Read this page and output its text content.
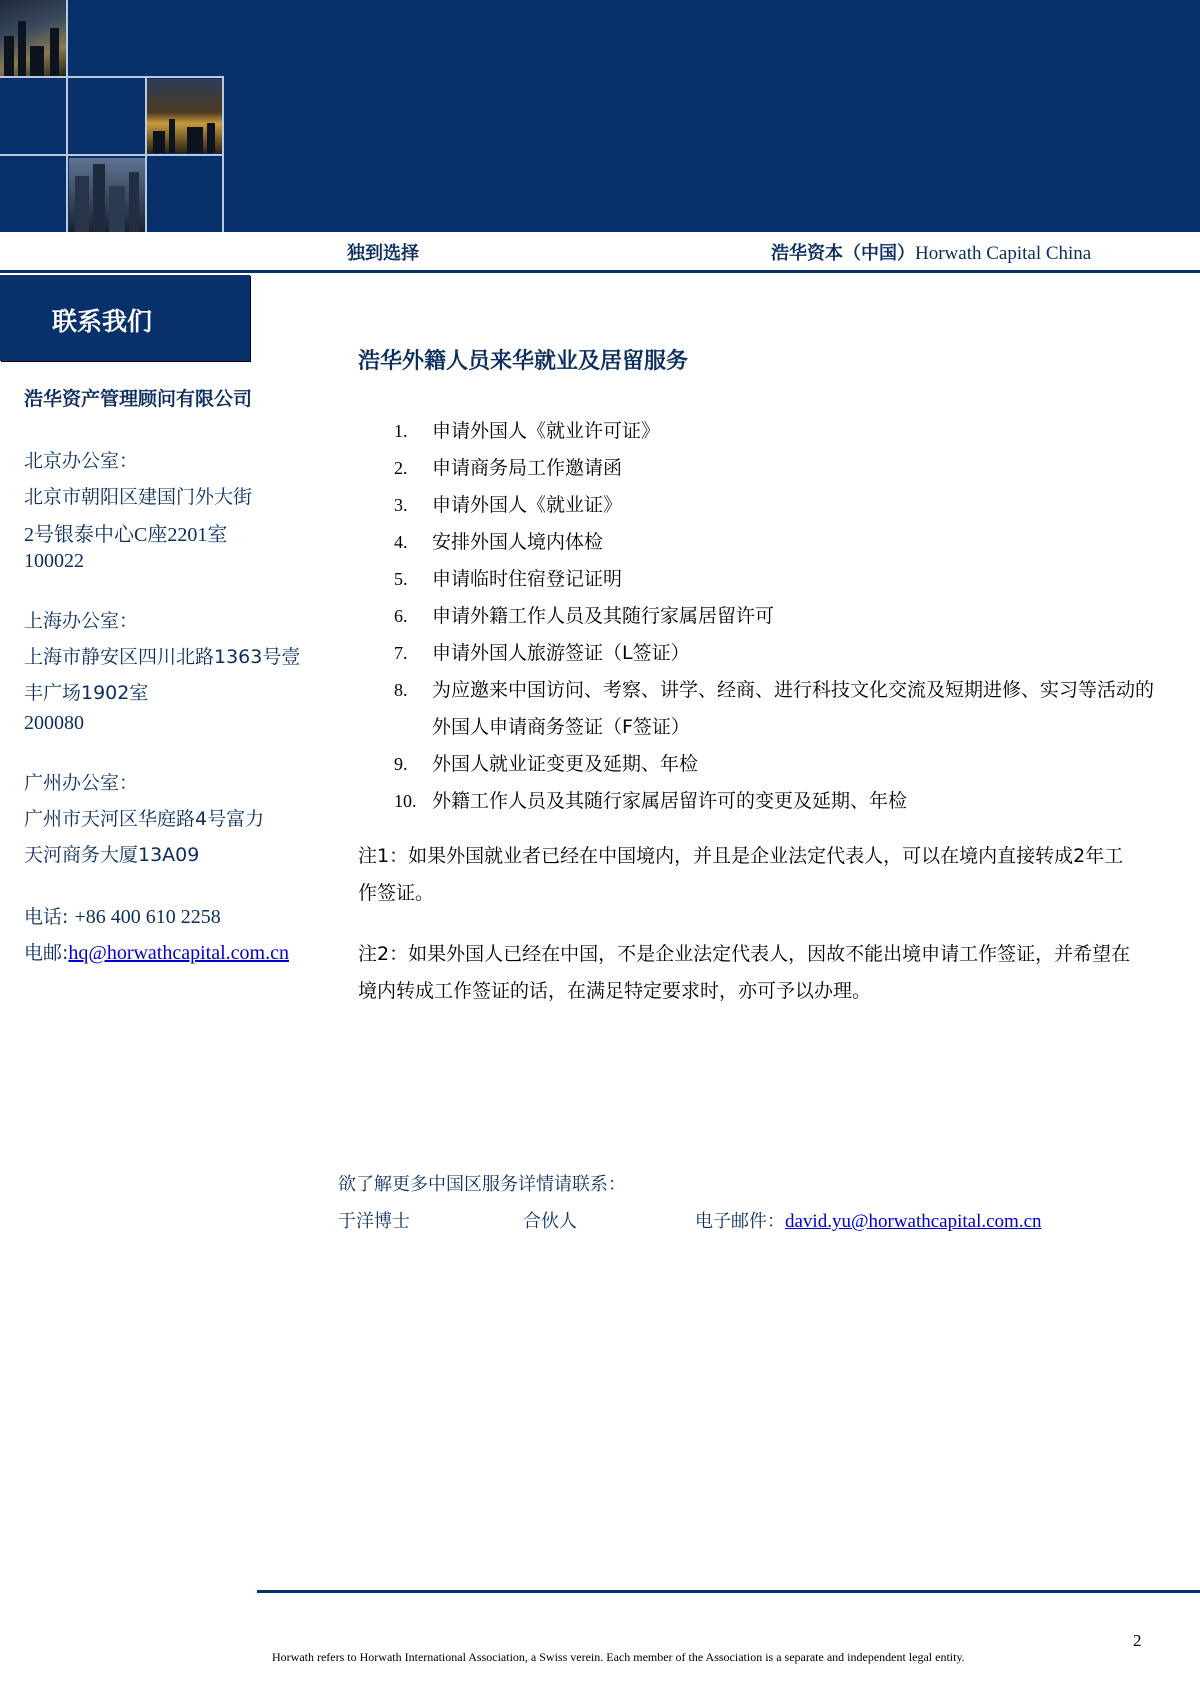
独到选择	浩华资本（中国）Horwath Capital China
联系我们
浩华资产管理顾问有限公司
北京办公室：
北京市朝阳区建国门外大街
2号银泰中心C座2201室
100022
上海办公室：
上海市静安区四川北路1363号壹
丰广场1902室
200080
广州办公室：
广州市天河区华庭路4号富力
天河商务大厦13A09
电话: +86 400 610 2258
电邮:hq@horwathcapital.com.cn
浩华外籍人员来华就业及居留服务
1. 申请外国人《就业许可证》
2. 申请商务局工作邀请函
3. 申请外国人《就业证》
4. 安排外国人境内体检
5. 申请临时住宿登记证明
6. 申请外籍工作人员及其随行家属居留许可
7. 申请外国人旅游签证（L签证）
8. 为应邀来中国访问、考察、讲学、经商、进行科技文化交流及短期进修、实习等活动的外国人申请商务签证（F签证）
9. 外国人就业证变更及延期、年检
10. 外籍工作人员及其随行家属居留许可的变更及延期、年检
注1：如果外国就业者已经在中国境内，并且是企业法定代表人，可以在境内直接转成2年工作签证。
注2：如果外国人已经在中国，不是企业法定代表人，因故不能出境申请工作签证，并希望在境内转成工作签证的话，在满足特定要求时，亦可予以办理。
欲了解更多中国区服务详情请联系：
于洋博士	合伙人	电子邮件：david.yu@horwathcapital.com.cn
2
Horwath refers to Horwath International Association, a Swiss verein. Each member of the Association is a separate and independent legal entity.
